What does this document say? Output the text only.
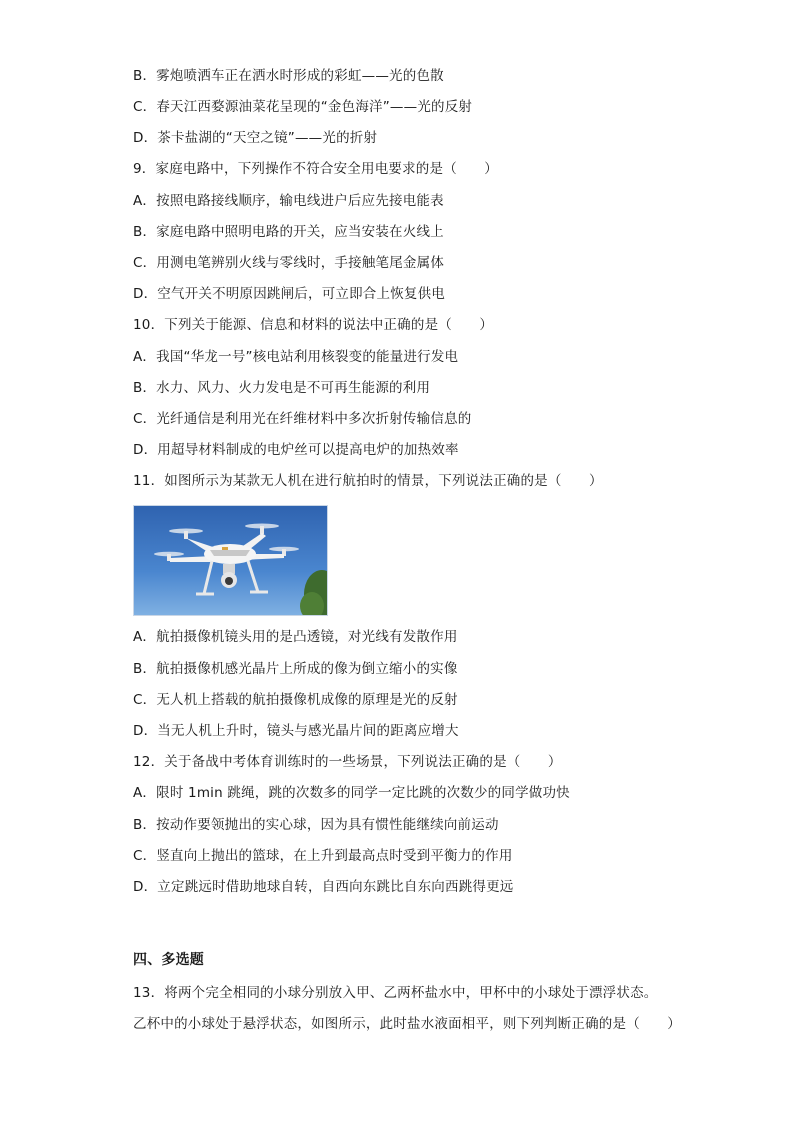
B．雾炮喷洒车正在洒水时形成的彩虹——光的色散
C．春天江西婺源油菜花呈现的“金色海洋”——光的反射
D．茶卡盐湖的“天空之镜”——光的折射
9．家庭电路中，下列操作不符合安全用电要求的是（　　）
A．按照电路接线顺序，输电线进户后应先接电能表
B．家庭电路中照明电路的开关，应当安装在火线上
C．用测电笔辨别火线与零线时，手接触笔尾金属体
D．空气开关不明原因跳闸后，可立即合上恢复供电
10．下列关于能源、信息和材料的说法中正确的是（　　）
A．我国“华龙一号”核电站利用核裂变的能量进行发电
B．水力、风力、火力发电是不可再生能源的利用
C．光纤通信是利用光在纤维材料中多次折射传输信息的
D．用超导材料制成的电炉丝可以提高电炉的加热效率
11．如图所示为某款无人机在进行航拍时的情景，下列说法正确的是（　　）
A．航拍摄像机镜头用的是凸透镜，对光线有发散作用
B．航拍摄像机感光晶片上所成的像为倒立缩小的实像
C．无人机上搭载的航拍摄像机成像的原理是光的反射
D．当无人机上升时，镜头与感光晶片间的距离应增大
12．关于备战中考体育训练时的一些场景，下列说法正确的是（　　）
A．限时 1min 跳绳，跳的次数多的同学一定比跳的次数少的同学做功快
B．按动作要领抛出的实心球，因为具有惯性能继续向前运动
C．竖直向上抛出的篮球，在上升到最高点时受到平衡力的作用
D．立定跳远时借助地球自转，自西向东跳比自东向西跳得更远
四、多选题
13．将两个完全相同的小球分别放入甲、乙两杯盐水中，甲杯中的小球处于漂浮状态。
乙杯中的小球处于悬浮状态，如图所示，此时盐水液面相平，则下列判断正确的是（　　）
